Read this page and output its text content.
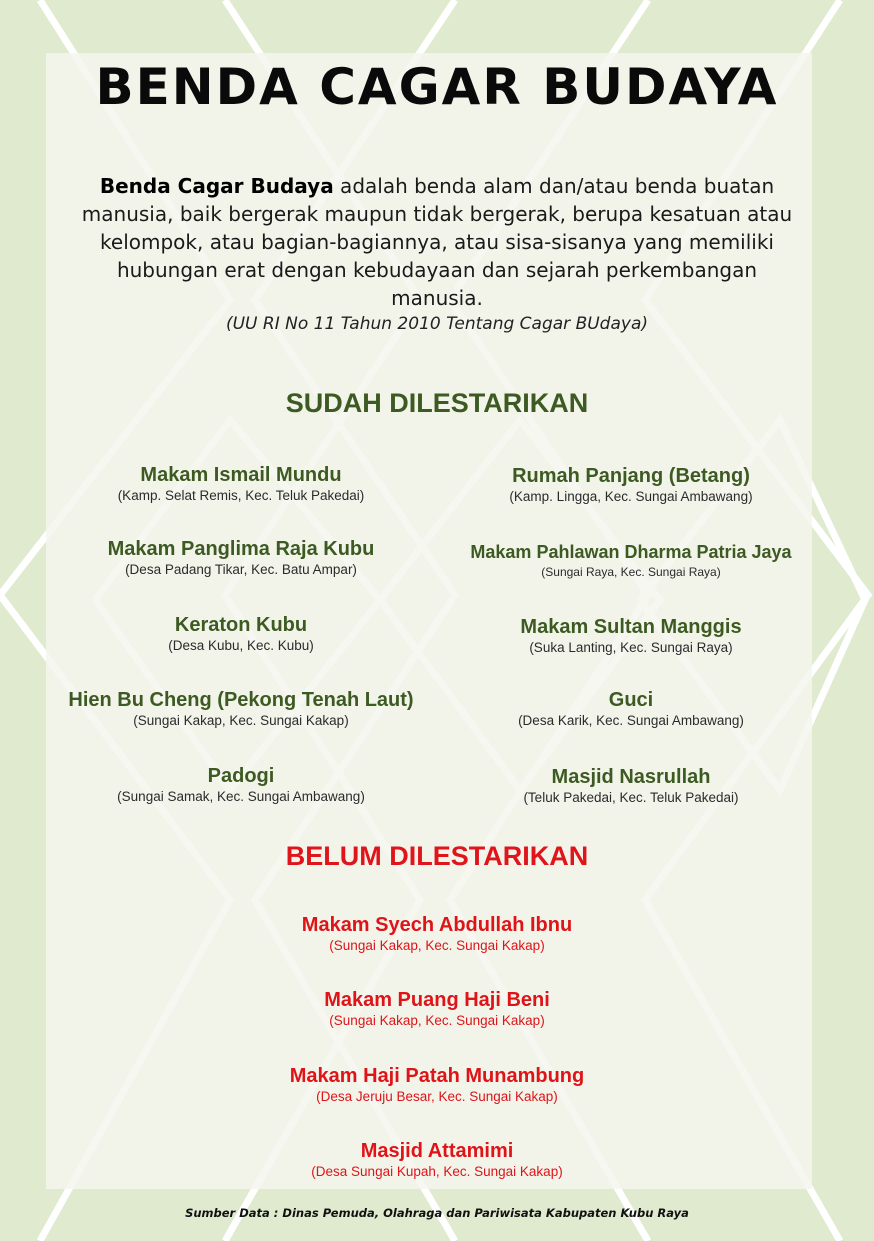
BENDA CAGAR BUDAYA
Benda Cagar Budaya adalah benda alam dan/atau benda buatan manusia, baik bergerak maupun tidak bergerak, berupa kesatuan atau kelompok, atau bagian-bagiannya, atau sisa-sisanya yang memiliki hubungan erat dengan kebudayaan dan sejarah perkembangan manusia.
(UU RI No 11 Tahun 2010 Tentang Cagar BUdaya)
SUDAH DILESTARIKAN
Makam Ismail Mundu
(Kamp. Selat Remis, Kec. Teluk Pakedai)
Makam Panglima Raja Kubu
(Desa Padang Tikar, Kec. Batu Ampar)
Keraton Kubu
(Desa Kubu, Kec. Kubu)
Hien Bu Cheng (Pekong Tenah Laut)
(Sungai Kakap, Kec. Sungai Kakap)
Padogi
(Sungai Samak, Kec. Sungai Ambawang)
Rumah Panjang (Betang)
(Kamp. Lingga, Kec. Sungai Ambawang)
Makam Pahlawan Dharma Patria Jaya
(Sungai Raya, Kec. Sungai Raya)
Makam Sultan Manggis
(Suka Lanting, Kec. Sungai Raya)
Guci
(Desa Karik, Kec. Sungai Ambawang)
Masjid Nasrullah
(Teluk Pakedai, Kec. Teluk Pakedai)
BELUM DILESTARIKAN
Makam Syech Abdullah Ibnu
(Sungai Kakap, Kec. Sungai Kakap)
Makam Puang Haji Beni
(Sungai Kakap, Kec. Sungai Kakap)
Makam Haji Patah Munambung
(Desa Jeruju Besar, Kec. Sungai Kakap)
Masjid Attamimi
(Desa Sungai Kupah, Kec. Sungai Kakap)
Sumber Data : Dinas Pemuda, Olahraga dan Pariwisata Kabupaten Kubu Raya
